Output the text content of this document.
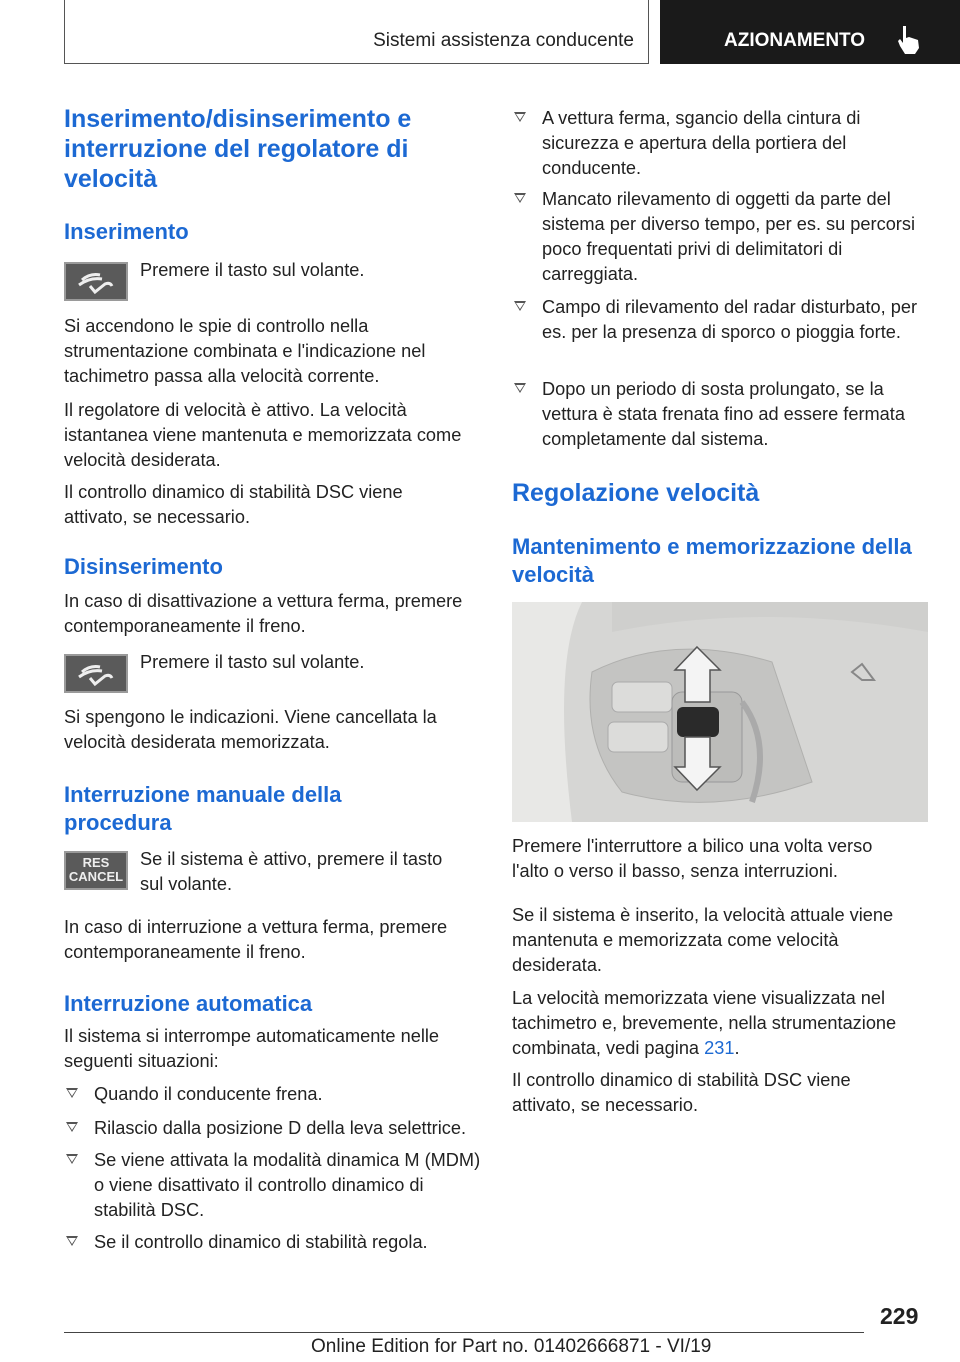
Sistemi assistenza conducente	AZIONAMENTO
Inserimento/disinserimento e interruzione del regolatore di velocità
Inserimento

Premere il tasto sul volante.

Si accendono le spie di controllo nella strumentazione combinata e l'indicazione nel tachimetro passa alla velocità corrente.

Il regolatore di velocità è attivo. La velocità istantanea viene mantenuta e memorizzata come velocità desiderata.

Il controllo dinamico di stabilità DSC viene attivato, se necessario.

Disinserimento

In caso di disattivazione a vettura ferma, premere contemporaneamente il freno.

Premere il tasto sul volante.

Si spengono le indicazioni. Viene cancellata la velocità desiderata memorizzata.

Interruzione manuale della procedura
RES
CANCEL

Se il sistema è attivo, premere il tasto sul volante.

In caso di interruzione a vettura ferma, premere contemporaneamente il freno.

Interruzione automatica

Il sistema si interrompe automaticamente nelle seguenti situazioni:

Quando il conducente frena.
Rilascio dalla posizione D della leva selettrice.
Se viene attivata la modalità dinamica M (MDM) o viene disattivato il controllo dinamico di stabilità DSC.
Se il controllo dinamico di stabilità regola.
A vettura ferma, sgancio della cintura di sicurezza e apertura della portiera del conducente.
Mancato rilevamento di oggetti da parte del sistema per diverso tempo, per es. su percorsi poco frequentati privi di delimitatori di carreggiata.
Campo di rilevamento del radar disturbato, per es. per la presenza di sporco o pioggia forte.
Dopo un periodo di sosta prolungato, se la vettura è stata frenata fino ad essere fermata completamente dal sistema.
Regolazione velocità
Mantenimento e memorizzazione della velocità

Premere l'interruttore a bilico una volta verso l'alto o verso il basso, senza interruzioni.

Se il sistema è inserito, la velocità attuale viene mantenuta e memorizzata come velocità desiderata.

La velocità memorizzata viene visualizzata nel tachimetro e, brevemente, nella strumentazione combinata, vedi pagina 231.

Il controllo dinamico di stabilità DSC viene attivato, se necessario.

229
Online Edition for Part no. 01402666871 - VI/19
